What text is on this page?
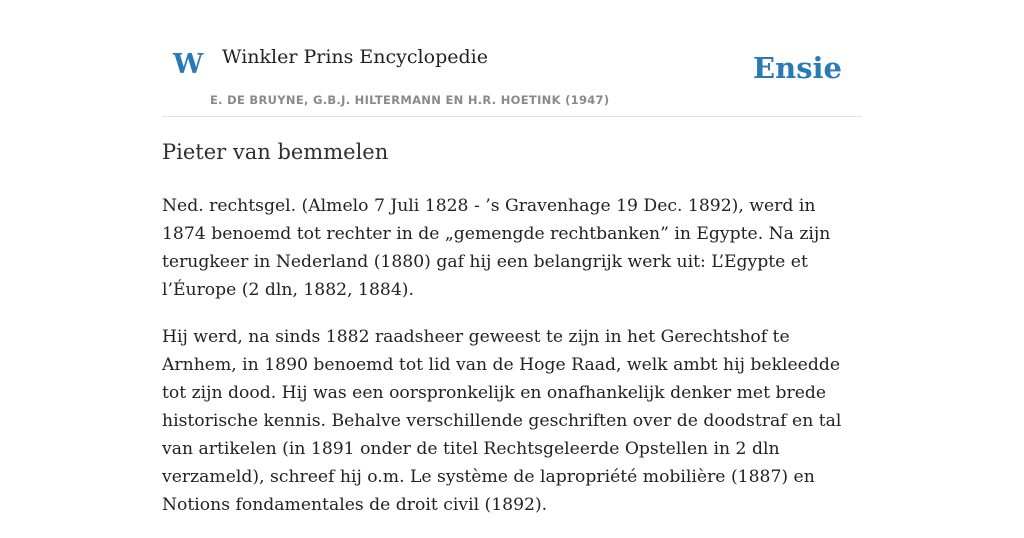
W Winkler Prins Encyclopedie
E. DE BRUYNE, G.B.J. HILTERMANN EN H.R. HOETINK (1947)
Ensie
Pieter van bemmelen

Ned. rechtsgel. (Almelo 7 Juli 1828 - ’s Gravenhage 19 Dec. 1892), werd in 1874 benoemd tot rechter in de „gemengde rechtbanken” in Egypte. Na zijn terugkeer in Nederland (1880) gaf hij een belangrijk werk uit: L’Egypte et l’Éurope (2 dln, 1882, 1884).

Hij werd, na sinds 1882 raadsheer geweest te zijn in het Gerechtshof te Arnhem, in 1890 benoemd tot lid van de Hoge Raad, welk ambt hij bekleedde tot zijn dood. Hij was een oorspronkelijk en onafhankelijk denker met brede historische kennis. Behalve verschillende geschriften over de doodstraf en tal van artikelen (in 1891 onder de titel Rechtsgeleerde Opstellen in 2 dln verzameld), schreef hij o.m. Le système de lapropriété mobilière (1887) en Notions fondamentales de droit civil (1892).
